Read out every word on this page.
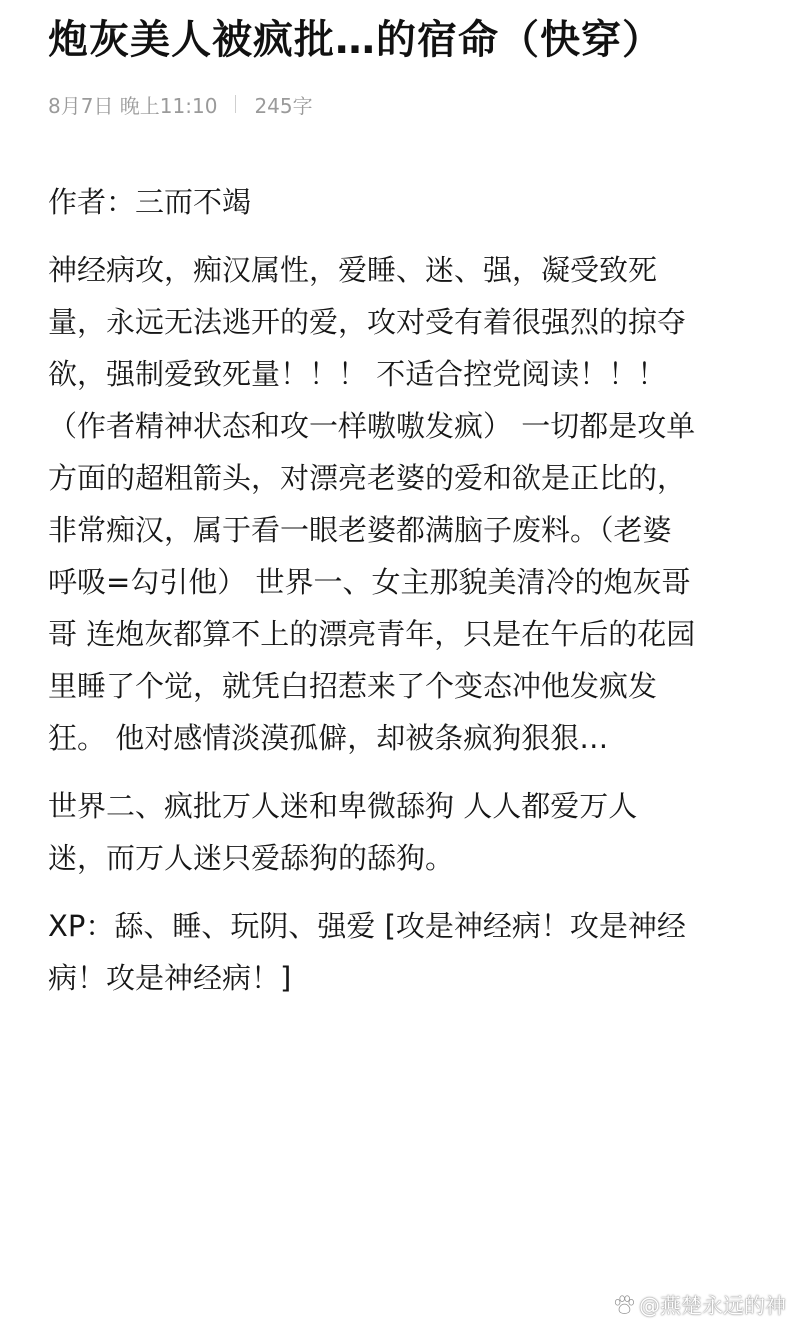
炮灰美人被疯批…的宿命（快穿）
8月7日 晚上11:10 245字

作者：三而不竭

神经病攻，痴汉属性，爱睡、迷、强，凝受致死

量，永远无法逃开的爱，攻对受有着很强烈的掠夺

欲，强制爱致死量！！！ 不适合控党阅读！！！

（作者精神状态和攻一样嗷嗷发疯） 一切都是攻单

方面的超粗箭头，对漂亮老婆的爱和欲是正比的，

非常痴汉，属于看一眼老婆都满脑子废料。（老婆

呼吸=勾引他） 世界一、女主那貌美清冷的炮灰哥

哥 连炮灰都算不上的漂亮青年，只是在午后的花园

里睡了个觉，就凭白招惹来了个变态冲他发疯发

狂。 他对感情淡漠孤僻，却被条疯狗狠狠…

世界二、疯批万人迷和卑微舔狗 人人都爱万人

迷，而万人迷只爱舔狗的舔狗。

XP：舔、睡、玩阴、强爱 [攻是神经病！攻是神经

病！攻是神经病！]

@燕楚永远的神
